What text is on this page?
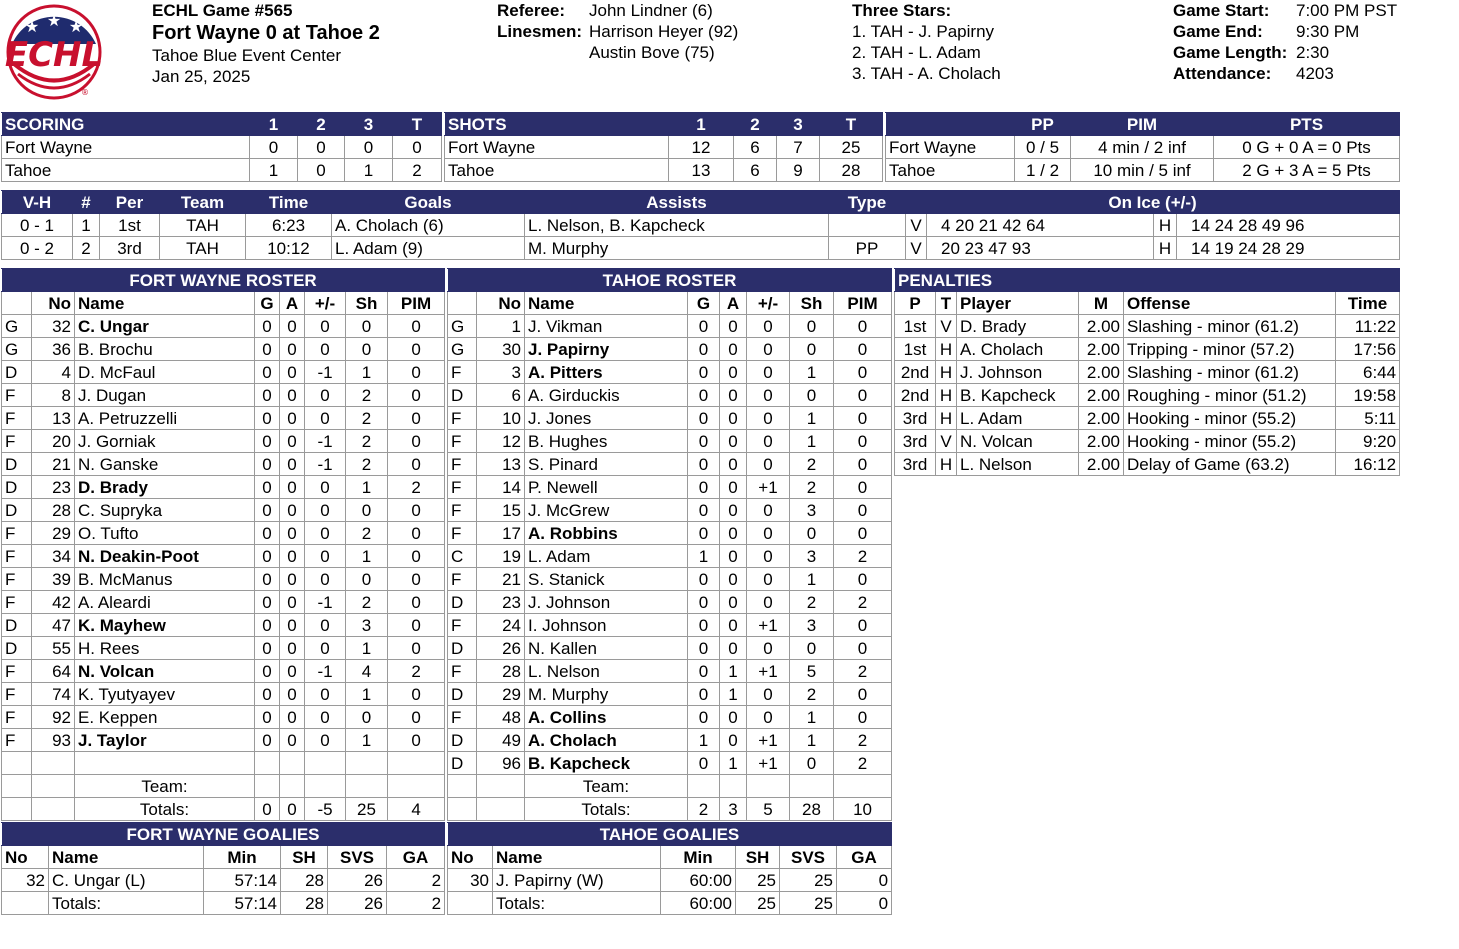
★ ★ ★
ECHL
®
ECHL Game #565
Fort Wayne 0 at Tahoe 2
Tahoe Blue Event Center
Jan 25, 2025
Referee: John Lindner (6)
Linesmen: Harrison Heyer (92)
Austin Bove (75)
Three Stars:
1. TAH - J. Papirny
2. TAH - L. Adam
3. TAH - A. Cholach
Game Start: 7:00 PM PST
Game End: 9:30 PM
Game Length: 2:30
Attendance: 4203
SCORING	1	2	3	T
Fort Wayne	0	0	0	0
Tahoe	1	0	1	2
SHOTS	1	2	3	T
Fort Wayne	12	6	7	25
Tahoe	13	6	9	28
	PP	PIM	PTS
Fort Wayne	0 / 5	4 min / 2 inf	0 G + 0 A = 0 Pts
Tahoe	1 / 2	10 min / 5 inf	2 G + 3 A = 5 Pts
V-H	#	Per	Team	Time	Goals	Assists	Type	On Ice (+/-)			
0 - 1	1	1st	TAH	6:23	A. Cholach (6)	L. Nelson, B. Kapcheck		V	4 20 21 42 64	H	14 24 28 49 96
0 - 2	2	3rd	TAH	10:12	L. Adam (9)	M. Murphy	PP	V	20 23 47 93	H	14 19 24 28 29
FORT WAYNE ROSTER							
	No	Name	G	A	+/-	Sh	PIM
G	32	C. Ungar	0	0	0	0	0
G	36	B. Brochu	0	0	0	0	0
D	4	D. McFaul	0	0	-1	1	0
F	8	J. Dugan	0	0	0	2	0
F	13	A. Petruzzelli	0	0	0	2	0
F	20	J. Gorniak	0	0	-1	2	0
D	21	N. Ganske	0	0	-1	2	0
D	23	D. Brady	0	0	0	1	2
D	28	C. Supryka	0	0	0	0	0
F	29	O. Tufto	0	0	0	2	0
F	34	N. Deakin-Poot	0	0	0	1	0
F	39	B. McManus	0	0	0	0	0
F	42	A. Aleardi	0	0	-1	2	0
D	47	K. Mayhew	0	0	0	3	0
D	55	H. Rees	0	0	0	1	0
F	64	N. Volcan	0	0	-1	4	2
F	74	K. Tyutyayev	0	0	0	1	0
F	92	E. Keppen	0	0	0	0	0
F	93	J. Taylor	0	0	0	1	0

		Team:					
		Totals:	0	0	-5	25	4
TAHOE ROSTER							
	No	Name	G	A	+/-	Sh	PIM
G	1	J. Vikman	0	0	0	0	0
G	30	J. Papirny	0	0	0	0	0
F	3	A. Pitters	0	0	0	1	0
D	6	A. Girduckis	0	0	0	0	0
F	10	J. Jones	0	0	0	1	0
F	12	B. Hughes	0	0	0	1	0
F	13	S. Pinard	0	0	0	2	0
F	14	P. Newell	0	0	+1	2	0
F	15	J. McGrew	0	0	0	3	0
F	17	A. Robbins	0	0	0	0	0
C	19	L. Adam	1	0	0	3	2
F	21	S. Stanick	0	0	0	1	0
D	23	J. Johnson	0	0	0	2	2
F	24	I. Johnson	0	0	+1	3	0
D	26	N. Kallen	0	0	0	0	0
F	28	L. Nelson	0	1	+1	5	2
D	29	M. Murphy	0	1	0	2	0
F	48	A. Collins	0	0	0	1	0
D	49	A. Cholach	1	0	+1	1	2
D	96	B. Kapcheck	0	1	+1	0	2
		Team:					
		Totals:	2	3	5	28	10
PENALTIES					
P	T	Player	M	Offense	Time
1st	V	D. Brady	2.00	Slashing - minor (61.2)	11:22
1st	H	A. Cholach	2.00	Tripping - minor (57.2)	17:56
2nd	H	J. Johnson	2.00	Slashing - minor (61.2)	6:44
2nd	H	B. Kapcheck	2.00	Roughing - minor (51.2)	19:58
3rd	H	L. Adam	2.00	Hooking - minor (55.2)	5:11
3rd	V	N. Volcan	2.00	Hooking - minor (55.2)	9:20
3rd	H	L. Nelson	2.00	Delay of Game (63.2)	16:12
FORT WAYNE GOALIES					
No	Name	Min	SH	SVS	GA
32	C. Ungar (L)	57:14	28	26	2
	Totals:	57:14	28	26	2
TAHOE GOALIES					
No	Name	Min	SH	SVS	GA
30	J. Papirny (W)	60:00	25	25	0
	Totals:	60:00	25	25	0
